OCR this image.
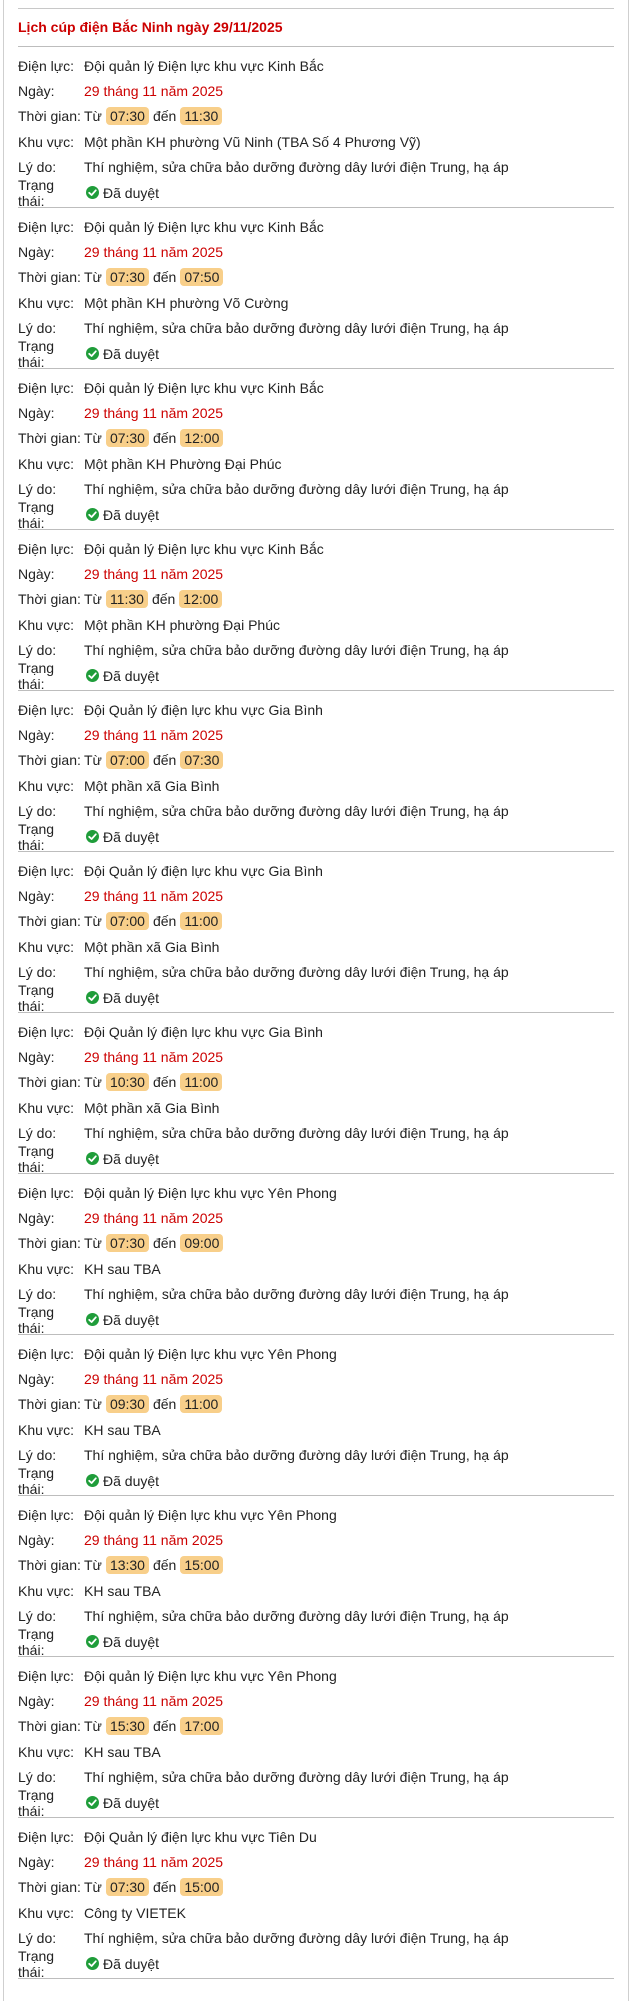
Lịch cúp điện Bắc Ninh ngày 29/11/2025
Điện lực: Đội quản lý Điện lực khu vực Kinh Bắc
Ngày:	29 tháng 11 năm 2025
Thời gian: Từ 07:30 đến 11:30
Khu vực: Một phần KH phường Vũ Ninh (TBA Số 4 Phương Vỹ)
Lý do:	Thí nghiệm, sửa chữa bảo dưỡng đường dây lưới điện Trung, hạ áp
Trạng thái:
Đã duyệt
Điện lực: Đội quản lý Điện lực khu vực Kinh Bắc
Ngày:	29 tháng 11 năm 2025
Thời gian: Từ 07:30 đến 07:50
Khu vực: Một phần KH phường Võ Cường
Lý do:	Thí nghiệm, sửa chữa bảo dưỡng đường dây lưới điện Trung, hạ áp
Trạng thái:
Đã duyệt
Điện lực: Đội quản lý Điện lực khu vực Kinh Bắc
Ngày:	29 tháng 11 năm 2025
Thời gian: Từ 07:30 đến 12:00
Khu vực: Một phần KH Phường Đại Phúc
Lý do:	Thí nghiệm, sửa chữa bảo dưỡng đường dây lưới điện Trung, hạ áp
Trạng thái:
Đã duyệt
Điện lực: Đội quản lý Điện lực khu vực Kinh Bắc
Ngày:	29 tháng 11 năm 2025
Thời gian: Từ 11:30 đến 12:00
Khu vực: Một phần KH phường Đại Phúc
Lý do:	Thí nghiệm, sửa chữa bảo dưỡng đường dây lưới điện Trung, hạ áp
Trạng thái:
Đã duyệt
Điện lực: Đội Quản lý điện lực khu vực Gia Bình
Ngày:	29 tháng 11 năm 2025
Thời gian: Từ 07:00 đến 07:30
Khu vực: Một phần xã Gia Bình
Lý do:	Thí nghiệm, sửa chữa bảo dưỡng đường dây lưới điện Trung, hạ áp
Trạng thái:
Đã duyệt
Điện lực: Đội Quản lý điện lực khu vực Gia Bình
Ngày:	29 tháng 11 năm 2025
Thời gian: Từ 07:00 đến 11:00
Khu vực: Một phần xã Gia Bình
Lý do:	Thí nghiệm, sửa chữa bảo dưỡng đường dây lưới điện Trung, hạ áp
Trạng thái:
Đã duyệt
Điện lực: Đội Quản lý điện lực khu vực Gia Bình
Ngày:	29 tháng 11 năm 2025
Thời gian: Từ 10:30 đến 11:00
Khu vực: Một phần xã Gia Bình
Lý do:	Thí nghiệm, sửa chữa bảo dưỡng đường dây lưới điện Trung, hạ áp
Trạng thái:
Đã duyệt
Điện lực: Đội quản lý Điện lực khu vực Yên Phong
Ngày:	29 tháng 11 năm 2025
Thời gian: Từ 07:30 đến 09:00
Khu vực: KH sau TBA
Lý do:	Thí nghiệm, sửa chữa bảo dưỡng đường dây lưới điện Trung, hạ áp
Trạng thái:
Đã duyệt
Điện lực: Đội quản lý Điện lực khu vực Yên Phong
Ngày:	29 tháng 11 năm 2025
Thời gian: Từ 09:30 đến 11:00
Khu vực: KH sau TBA
Lý do:	Thí nghiệm, sửa chữa bảo dưỡng đường dây lưới điện Trung, hạ áp
Trạng thái:
Đã duyệt
Điện lực: Đội quản lý Điện lực khu vực Yên Phong
Ngày:	29 tháng 11 năm 2025
Thời gian: Từ 13:30 đến 15:00
Khu vực: KH sau TBA
Lý do:	Thí nghiệm, sửa chữa bảo dưỡng đường dây lưới điện Trung, hạ áp
Trạng thái:
Đã duyệt
Điện lực: Đội quản lý Điện lực khu vực Yên Phong
Ngày:	29 tháng 11 năm 2025
Thời gian: Từ 15:30 đến 17:00
Khu vực: KH sau TBA
Lý do:	Thí nghiệm, sửa chữa bảo dưỡng đường dây lưới điện Trung, hạ áp
Trạng thái:
Đã duyệt
Điện lực: Đội Quản lý điện lực khu vực Tiên Du
Ngày:	29 tháng 11 năm 2025
Thời gian: Từ 07:30 đến 15:00
Khu vực: Công ty VIETEK
Lý do:	Thí nghiệm, sửa chữa bảo dưỡng đường dây lưới điện Trung, hạ áp
Trạng thái:
Đã duyệt
